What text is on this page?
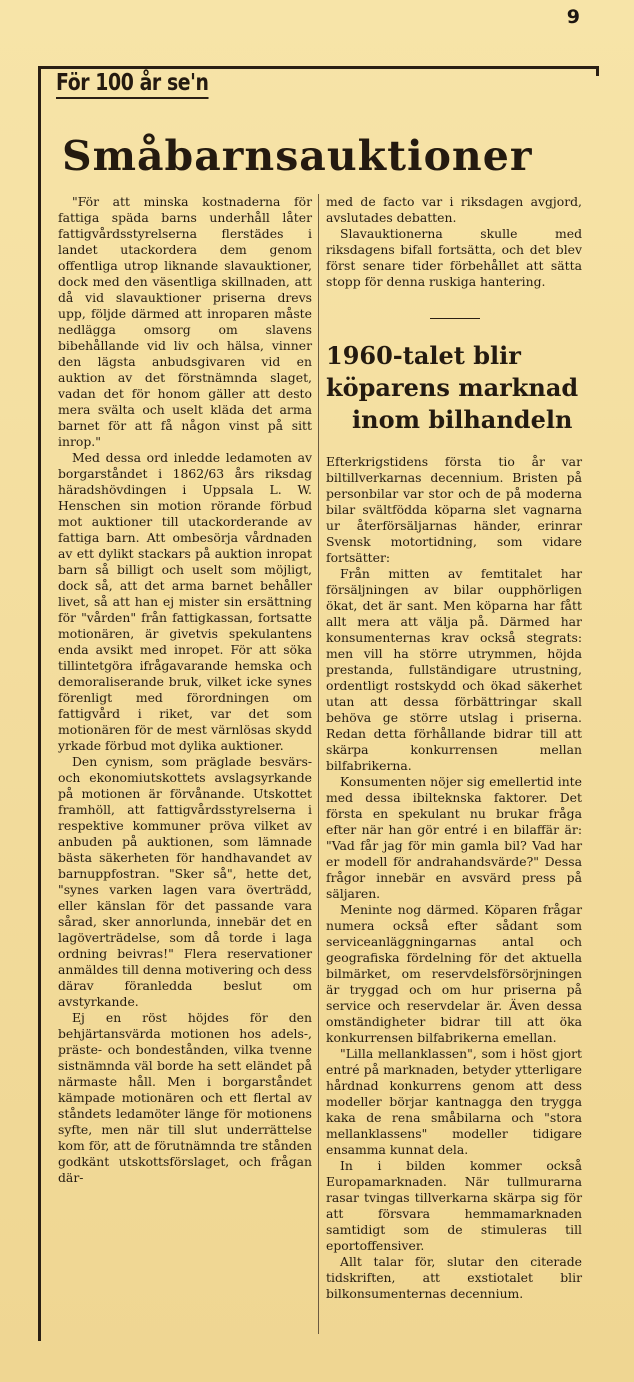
9
För 100 år se'n
Småbarnsauktioner

"För att minska kostnaderna för fattiga späda barns underhåll låter fattigvårdsstyrelserna flerstädes i landet utackordera dem genom offentliga utrop liknande slavauktioner, dock med den väsentliga skillnaden, att då vid slavauktioner priserna drevs upp, följde därmed att inroparen måste nedlägga omsorg om slavens bibehållande vid liv och hälsa, vinner den lägsta anbudsgivaren vid en auktion av det förstnämnda slaget, vadan det för honom gäller att desto mera svälta och uselt kläda det arma barnet för att få någon vinst på sitt inrop."

Med dessa ord inledde ledamoten av borgarståndet i 1862/63 års riksdag häradshövdingen i Uppsala L. W. Henschen sin motion rörande förbud mot auktioner till utackorderande av fattiga barn. Att ombesörja vårdnaden av ett dylikt stackars på auktion inropat barn så billigt och uselt som möjligt, dock så, att det arma barnet behåller livet, så att han ej mister sin ersättning för "vården" från fattigkassan, fortsatte motionären, är givetvis spekulantens enda avsikt med inropet. För att söka tillintetgöra ifrågavarande hemska och demoraliserande bruk, vilket icke synes förenligt med förordningen om fattigvård i riket, var det som motionären för de mest värnlösas skydd yrkade förbud mot dylika auktioner.

Den cynism, som präglade besvärs- och ekonomiutskottets avslagsyrkande på motionen är förvånande. Utskottet framhöll, att fattigvårdsstyrelserna i respektive kommuner pröva vilket av anbuden på auktionen, som lämnade bästa säkerheten för handhavandet av barnuppfostran. "Sker så", hette det, "synes varken lagen vara överträdd, eller känslan för det passande vara sårad, sker annorlunda, innebär det en lagöverträdelse, som då torde i laga ordning beivras!" Flera reservationer anmäldes till denna motivering och dess därav föranledda beslut om avstyrkande.

Ej en röst höjdes för den behjärtansvärda motionen hos adels-, präste- och bondestånden, vilka tvenne sistnämnda väl borde ha sett eländet på närmaste håll. Men i borgarståndet kämpade motionären och ett flertal av ståndets ledamöter länge för motionens syfte, men när till slut underrättelse kom för, att de förutnämnda tre stånden godkänt utskottsförslaget, och frågan där-

med de facto var i riksdagen avgjord, avslutades debatten.

Slavauktionerna skulle med riksdagens bifall fortsätta, och det blev först senare tider förbehållet att sätta stopp för denna ruskiga hantering.

1960-talet blir
köparens marknad
inom bilhandeln

Efterkrigstidens första tio år var biltillverkarnas decennium. Bristen på personbilar var stor och de på moderna bilar svältfödda köparna slet vagnarna ur återförsäljarnas händer, erinrar Svensk motortidning, som vidare fortsätter:

Från mitten av femtitalet har försäljningen av bilar oupphörligen ökat, det är sant. Men köparna har fått allt mera att välja på. Därmed har konsumenternas krav också stegrats: men vill ha större utrymmen, höjda prestanda, fullständigare utrustning, ordentligt rostskydd och ökad säkerhet utan att dessa förbättringar skall behöva ge större utslag i priserna. Redan detta förhållande bidrar till att skärpa konkurrensen mellan bilfabrikerna.

Konsumenten nöjer sig emellertid inte med dessa ibilteknska faktorer. Det första en spekulant nu brukar fråga efter när han gör entré i en bilaffär är: "Vad får jag för min gamla bil? Vad har er modell för andrahandsvärde?" Dessa frågor innebär en avsvärd press på säljaren.

Meninte nog därmed. Köparen frågar numera också efter sådant som serviceanläggningarnas antal och geografiska fördelning för det aktuella bilmärket, om reservdelsförsörjningen är tryggad och om hur priserna på service och reservdelar är. Även dessa omständigheter bidrar till att öka konkurrensen bilfabrikerna emellan.

"Lilla mellanklassen", som i höst gjort entré på marknaden, betyder ytterligare hårdnad konkurrens genom att dess modeller börjar kantnagga den trygga kaka de rena småbilarna och "stora mellanklassens" modeller tidigare ensamma kunnat dela.

In i bilden kommer också Europamarknaden. När tullmurarna rasar tvingas tillverkarna skärpa sig för att försvara hemmamarknaden samtidigt som de stimuleras till eportoffensiver.

Allt talar för, slutar den citerade tidskriften, att exstiotalet blir bilkonsumenternas decennium.
